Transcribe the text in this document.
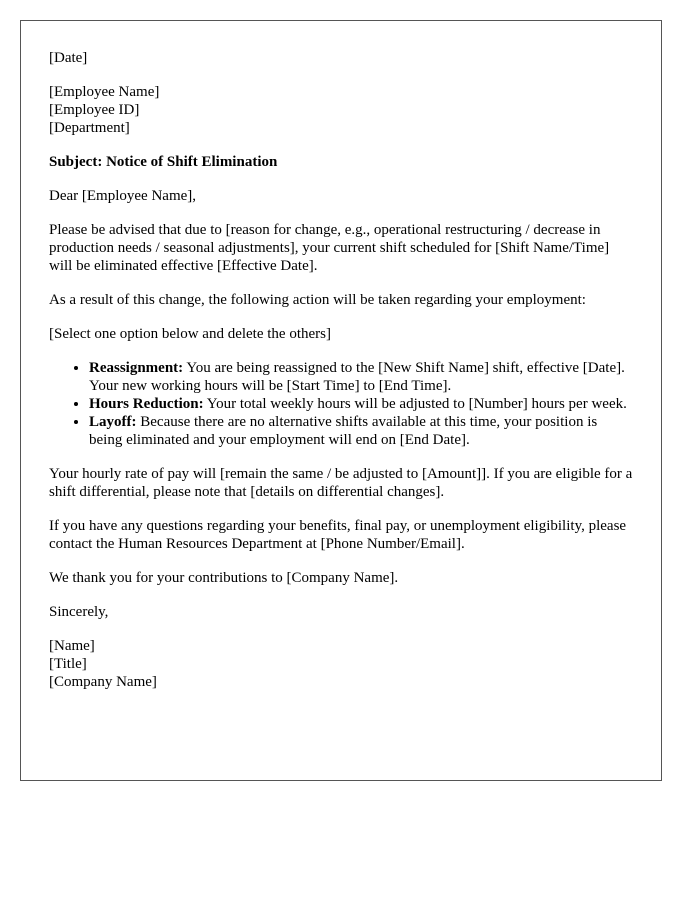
[Date]

[Employee Name]
[Employee ID]
[Department]

Subject: Notice of Shift Elimination

Dear [Employee Name],

Please be advised that due to [reason for change, e.g., operational restructuring / decrease in production needs / seasonal adjustments], your current shift scheduled for [Shift Name/Time] will be eliminated effective [Effective Date].

As a result of this change, the following action will be taken regarding your employment:

[Select one option below and delete the others]

• Reassignment: You are being reassigned to the [New Shift Name] shift, effective [Date]. Your new working hours will be [Start Time] to [End Time].
• Hours Reduction: Your total weekly hours will be adjusted to [Number] hours per week.
• Layoff: Because there are no alternative shifts available at this time, your position is being eliminated and your employment will end on [End Date].

Your hourly rate of pay will [remain the same / be adjusted to [Amount]]. If you are eligible for a shift differential, please note that [details on differential changes].

If you have any questions regarding your benefits, final pay, or unemployment eligibility, please contact the Human Resources Department at [Phone Number/Email].

We thank you for your contributions to [Company Name].

Sincerely,

[Name]
[Title]
[Company Name]
